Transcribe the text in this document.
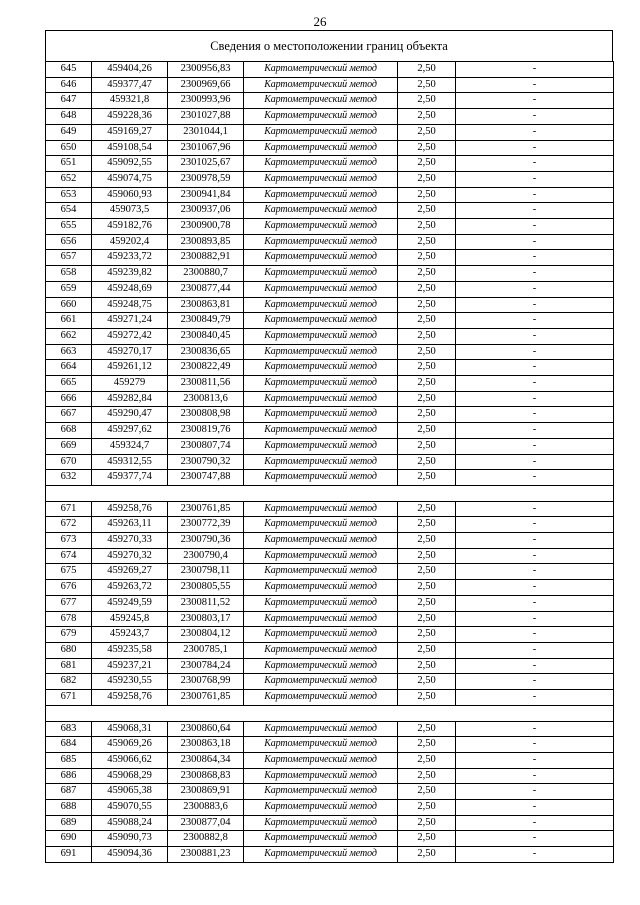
26
Сведения о местоположении границ объекта
645	459404,26	2300956,83	Картометрический метод	2,50	-
646	459377,47	2300969,66	Картометрический метод	2,50	-
647	459321,8	2300993,96	Картометрический метод	2,50	-
648	459228,36	2301027,88	Картометрический метод	2,50	-
649	459169,27	2301044,1	Картометрический метод	2,50	-
650	459108,54	2301067,96	Картометрический метод	2,50	-
651	459092,55	2301025,67	Картометрический метод	2,50	-
652	459074,75	2300978,59	Картометрический метод	2,50	-
653	459060,93	2300941,84	Картометрический метод	2,50	-
654	459073,5	2300937,06	Картометрический метод	2,50	-
655	459182,76	2300900,78	Картометрический метод	2,50	-
656	459202,4	2300893,85	Картометрический метод	2,50	-
657	459233,72	2300882,91	Картометрический метод	2,50	-
658	459239,82	2300880,7	Картометрический метод	2,50	-
659	459248,69	2300877,44	Картометрический метод	2,50	-
660	459248,75	2300863,81	Картометрический метод	2,50	-
661	459271,24	2300849,79	Картометрический метод	2,50	-
662	459272,42	2300840,45	Картометрический метод	2,50	-
663	459270,17	2300836,65	Картометрический метод	2,50	-
664	459261,12	2300822,49	Картометрический метод	2,50	-
665	459279	2300811,56	Картометрический метод	2,50	-
666	459282,84	2300813,6	Картометрический метод	2,50	-
667	459290,47	2300808,98	Картометрический метод	2,50	-
668	459297,62	2300819,76	Картометрический метод	2,50	-
669	459324,7	2300807,74	Картометрический метод	2,50	-
670	459312,55	2300790,32	Картометрический метод	2,50	-
632	459377,74	2300747,88	Картометрический метод	2,50	-

671	459258,76	2300761,85	Картометрический метод	2,50	-
672	459263,11	2300772,39	Картометрический метод	2,50	-
673	459270,33	2300790,36	Картометрический метод	2,50	-
674	459270,32	2300790,4	Картометрический метод	2,50	-
675	459269,27	2300798,11	Картометрический метод	2,50	-
676	459263,72	2300805,55	Картометрический метод	2,50	-
677	459249,59	2300811,52	Картометрический метод	2,50	-
678	459245,8	2300803,17	Картометрический метод	2,50	-
679	459243,7	2300804,12	Картометрический метод	2,50	-
680	459235,58	2300785,1	Картометрический метод	2,50	-
681	459237,21	2300784,24	Картометрический метод	2,50	-
682	459230,55	2300768,99	Картометрический метод	2,50	-
671	459258,76	2300761,85	Картометрический метод	2,50	-

683	459068,31	2300860,64	Картометрический метод	2,50	-
684	459069,26	2300863,18	Картометрический метод	2,50	-
685	459066,62	2300864,34	Картометрический метод	2,50	-
686	459068,29	2300868,83	Картометрический метод	2,50	-
687	459065,38	2300869,91	Картометрический метод	2,50	-
688	459070,55	2300883,6	Картометрический метод	2,50	-
689	459088,24	2300877,04	Картометрический метод	2,50	-
690	459090,73	2300882,8	Картометрический метод	2,50	-
691	459094,36	2300881,23	Картометрический метод	2,50	-
